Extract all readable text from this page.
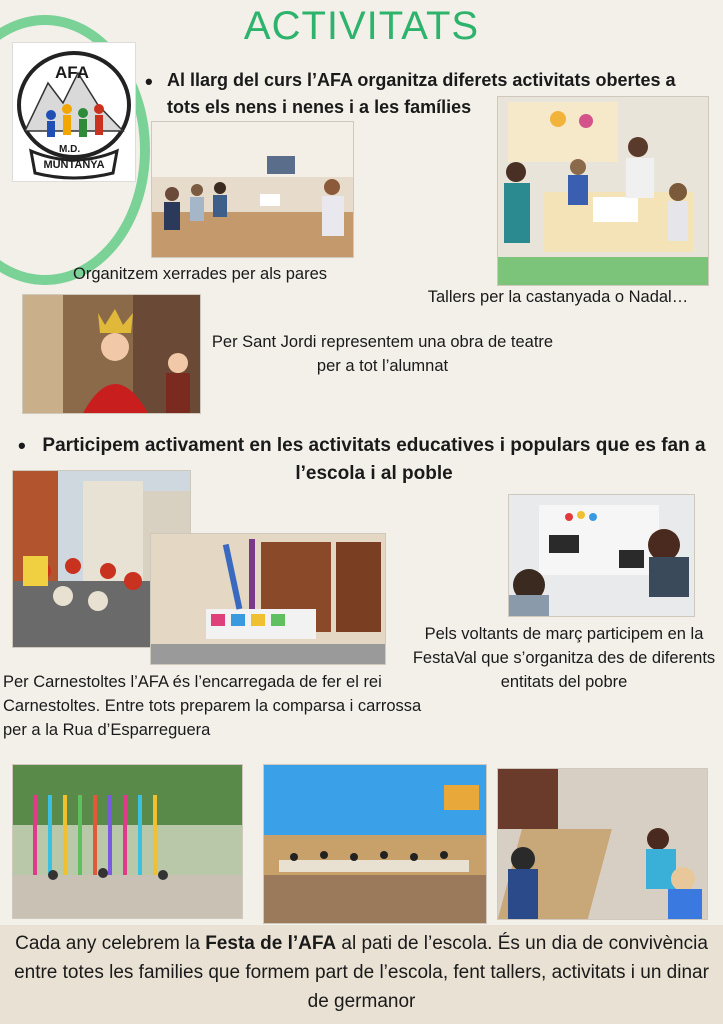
ACTIVITATS
AFA
M.D.
MUNTANYA
• Al llarg del curs l’AFA organitza diferets activitats obertes a tots els nens i nenes i a les famílies
Organitzem xerrades per als pares
Tallers per la castanyada o Nadal…
Per Sant Jordi representem una obra de teatre per a tot l’alumnat
• Participem activament en les activitats educatives i populars que es fan a l’escola i al poble
Per Carnestoltes l’AFA és l’encarregada de fer el rei Carnestoltes. Entre tots preparem la comparsa i carrossa per a la Rua d’Esparreguera
Pels voltants de març participem en la FestaVal que s’organitza des de diferents entitats del pobre
Cada any celebrem la Festa de l’AFA al pati de l’escola. És un dia de convivència entre totes les families que formem part de l’escola, fent tallers, activitats i un dinar de germanor
